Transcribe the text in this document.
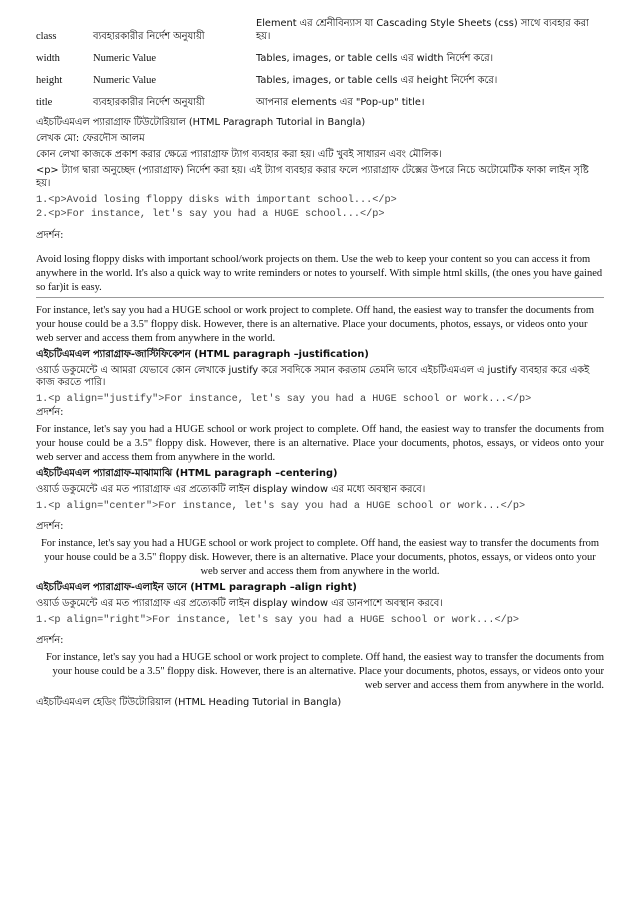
class	ব্যবহারকারীর নির্দেশ অনুযায়ী	Element এর শ্রেনীবিন্যাস যা Cascading Style Sheets (css) সাথে ব্যবহার করা হয়।
width	Numeric Value	Tables, images, or table cells এর width নির্দেশ করে।
height	Numeric Value	Tables, images, or table cells এর height নির্দেশ করে।
title	ব্যবহারকারীর নির্দেশ অনুযায়ী	আপনার elements এর "Pop-up" title।
এইচটিএমএল প্যারাগ্রাফ টিউটোরিয়াল (HTML Paragraph Tutorial in Bangla)
লেখক মো: ফেরদৌস আলম
কোন লেখা কাজকে প্রকাশ করার ক্ষেত্রে প্যারাগ্রাফ ট্যাগ ব্যবহার করা হয়। এটি খুবই সাধারন এবং মৌলিক।
<p> ট্যাগ দ্বারা অনুচ্ছেদ (প্যারাগ্রাফ) নির্দেশ করা হয়। এই ট্যাগ ব্যবহার করার ফলে প্যারাগ্রাফ টেক্সের উপরে নিচে অটোমেটিক ফাকা লাইন সৃষ্টি হয়।
1.<p>Avoid losing floppy disks with important school...</p>
2.<p>For instance, let's say you had a HUGE school...</p>
প্রদর্শন:
Avoid losing floppy disks with important school/work projects on them. Use the web to keep your content so you can access it from anywhere in the world. It's also a quick way to write reminders or notes to yourself. With simple html skills, (the ones you have gained so far)it is easy.
For instance, let's say you had a HUGE school or work project to complete. Off hand, the easiest way to transfer the documents from your house could be a 3.5" floppy disk. However, there is an alternative. Place your documents, photos, essays, or videos onto your web server and access them from anywhere in the world.
এইচটিএমএল প্যারাগ্রাফ-জাস্টিফিকেশন (HTML paragraph –justification)
ওয়ার্ড ডকুমেন্টে এ আমরা যেভাবে কোন লেখাকে justify করে সবদিকে সমান করতাম তেমনি ভাবে এইচটিএমএল এ justify ব্যবহার করে একই কাজ করতে পারি।
1.<p align="justify">For instance, let's say you had a HUGE school or work...</p>
প্রদর্শন:
For instance, let's say you had a HUGE school or work project to complete. Off hand, the easiest way to transfer the documents from your house could be a 3.5" floppy disk. However, there is an alternative. Place your documents, photos, essays, or videos onto your web server and access them from anywhere in the world.
এইচটিএমএল প্যারাগ্রাফ-মাঝামাঝি (HTML paragraph –centering)
ওয়ার্ড ডকুমেন্টে এর মত প্যারাগ্রাফ এর প্রত্যেকটি লাইন display window এর মধ্যে অবস্থান করবে।
1.<p align="center">For instance, let's say you had a HUGE school or work...</p>
প্রদর্শন:
For instance, let's say you had a HUGE school or work project to complete. Off hand, the easiest way to transfer the documents from your house could be a 3.5" floppy disk. However, there is an alternative. Place your documents, photos, essays, or videos onto your web server and access them from anywhere in the world.
এইচটিএমএল প্যারাগ্রাফ-এলাইন ডানে (HTML paragraph –align right)
ওয়ার্ড ডকুমেন্টে এর মত প্যারাগ্রাফ এর প্রত্যেকটি লাইন display window এর ডানপাশে অবস্থান করবে।
1.<p align="right">For instance, let's say you had a HUGE school or work...</p>
প্রদর্শন:
For instance, let's say you had a HUGE school or work project to complete. Off hand, the easiest way to transfer the documents from your house could be a 3.5" floppy disk. However, there is an alternative. Place your documents, photos, essays, or videos onto your web server and access them from anywhere in the world.
এইচটিএমএল হেডিং টিউটোরিয়াল (HTML Heading Tutorial in Bangla)
